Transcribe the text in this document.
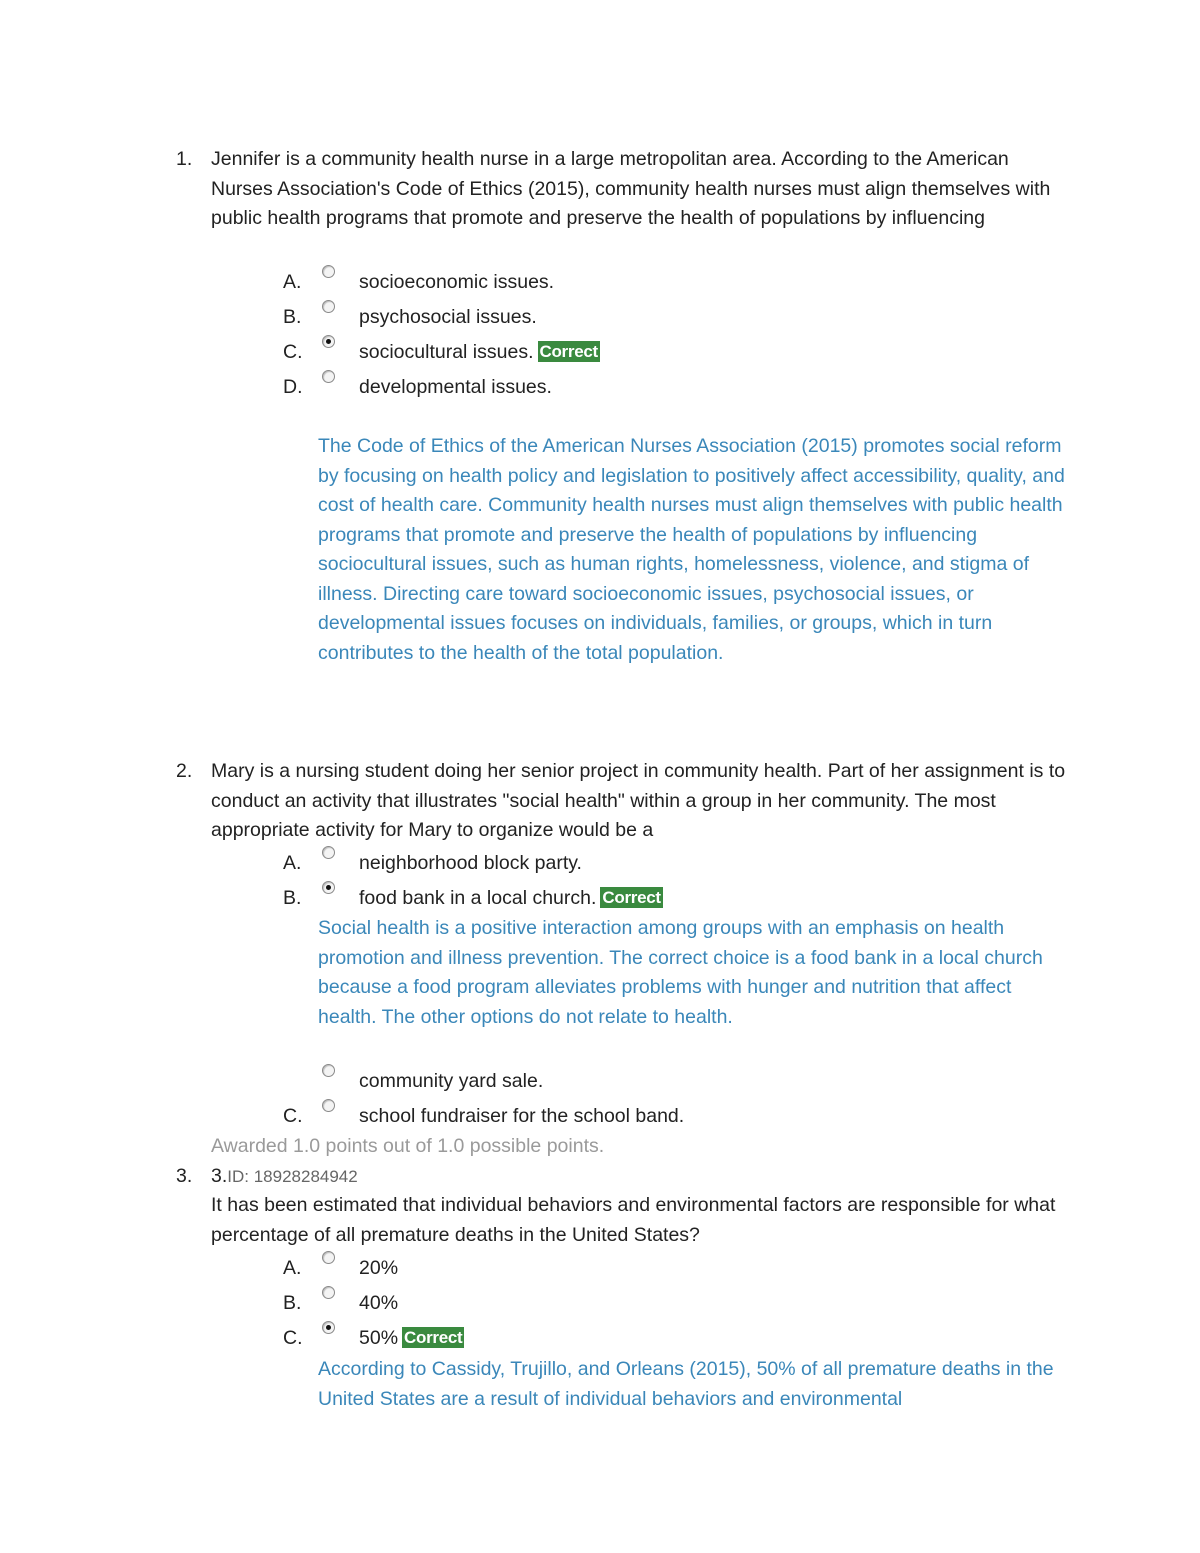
1. Jennifer is a community health nurse in a large metropolitan area. According to the American Nurses Association's Code of Ethics (2015), community health nurses must align themselves with public health programs that promote and preserve the health of populations by influencing
A.	socioeconomic issues.
B.	psychosocial issues.
C.	sociocultural issues. Correct
D.	developmental issues.
The Code of Ethics of the American Nurses Association (2015) promotes social reform by focusing on health policy and legislation to positively affect accessibility, quality, and cost of health care. Community health nurses must align themselves with public health programs that promote and preserve the health of populations by influencing sociocultural issues, such as human rights, homelessness, violence, and stigma of illness. Directing care toward socioeconomic issues, psychosocial issues, or developmental issues focuses on individuals, families, or groups, which in turn contributes to the health of the total population.
2. Mary is a nursing student doing her senior project in community health. Part of her assignment is to conduct an activity that illustrates "social health" within a group in her community. The most appropriate activity for Mary to organize would be a
A.	neighborhood block party.
B.	food bank in a local church. Correct
Social health is a positive interaction among groups with an emphasis on health promotion and illness prevention. The correct choice is a food bank in a local church because a food program alleviates problems with hunger and nutrition that affect health. The other options do not relate to health.
community yard sale.
C.	school fundraiser for the school band.
Awarded 1.0 points out of 1.0 possible points.
3. 3.ID: 18928284942
It has been estimated that individual behaviors and environmental factors are responsible for what percentage of all premature deaths in the United States?
A.	20%
B.	40%
C.	50% Correct
According to Cassidy, Trujillo, and Orleans (2015), 50% of all premature deaths in the United States are a result of individual behaviors and environmental
